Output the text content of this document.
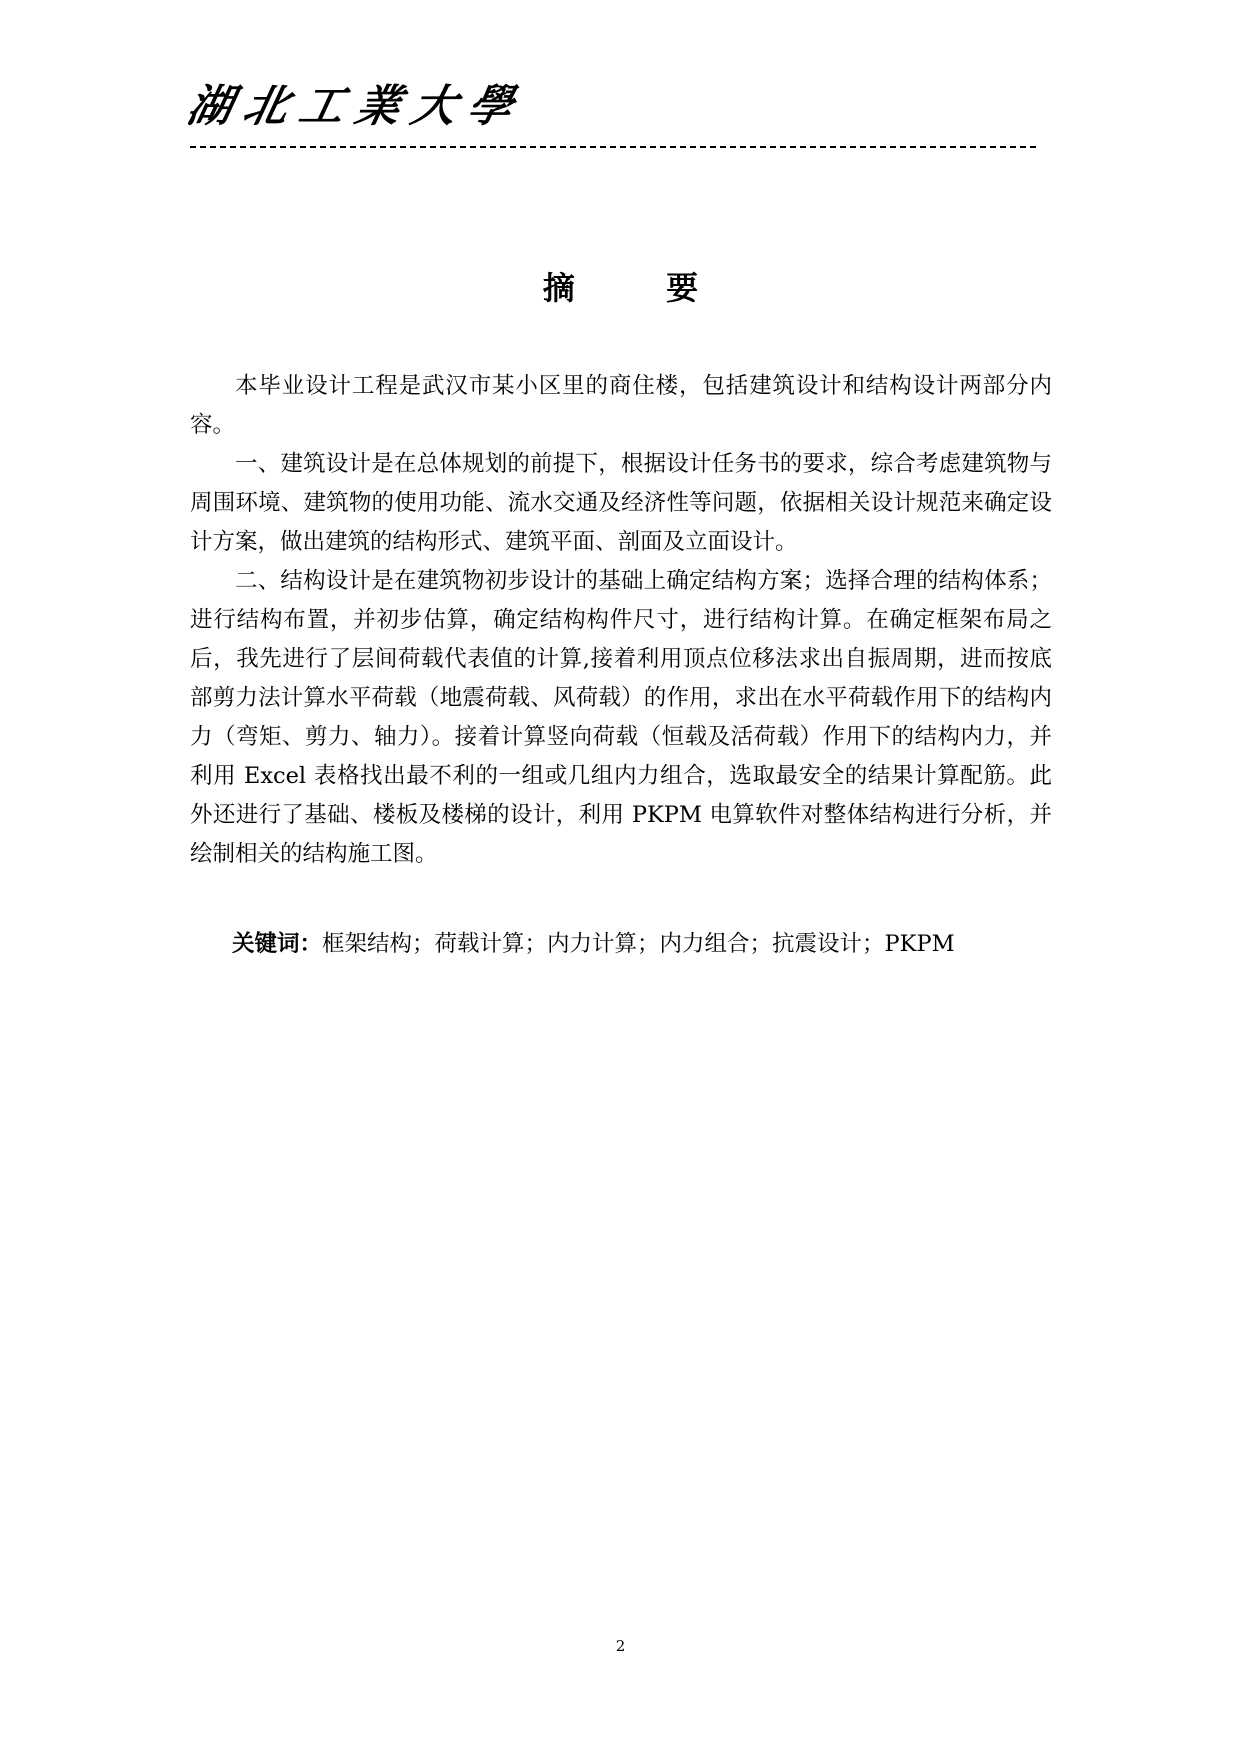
湖北工業大學
摘 要

本毕业设计工程是武汉市某小区里的商住楼，包括建筑设计和结构设计两部分内容。

一、建筑设计是在总体规划的前提下，根据设计任务书的要求，综合考虑建筑物与周围环境、建筑物的使用功能、流水交通及经济性等问题，依据相关设计规范来确定设计方案，做出建筑的结构形式、建筑平面、剖面及立面设计。

二、结构设计是在建筑物初步设计的基础上确定结构方案；选择合理的结构体系；进行结构布置，并初步估算，确定结构构件尺寸，进行结构计算。在确定框架布局之后，我先进行了层间荷载代表值的计算,接着利用顶点位移法求出自振周期，进而按底部剪力法计算水平荷载（地震荷载、风荷载）的作用，求出在水平荷载作用下的结构内力（弯矩、剪力、轴力）。接着计算竖向荷载（恒载及活荷载）作用下的结构内力，并利用 Excel 表格找出最不利的一组或几组内力组合，选取最安全的结果计算配筋。此外还进行了基础、楼板及楼梯的设计，利用 PKPM 电算软件对整体结构进行分析，并绘制相关的结构施工图。

关键词：框架结构；荷载计算；内力计算；内力组合；抗震设计；PKPM
2
